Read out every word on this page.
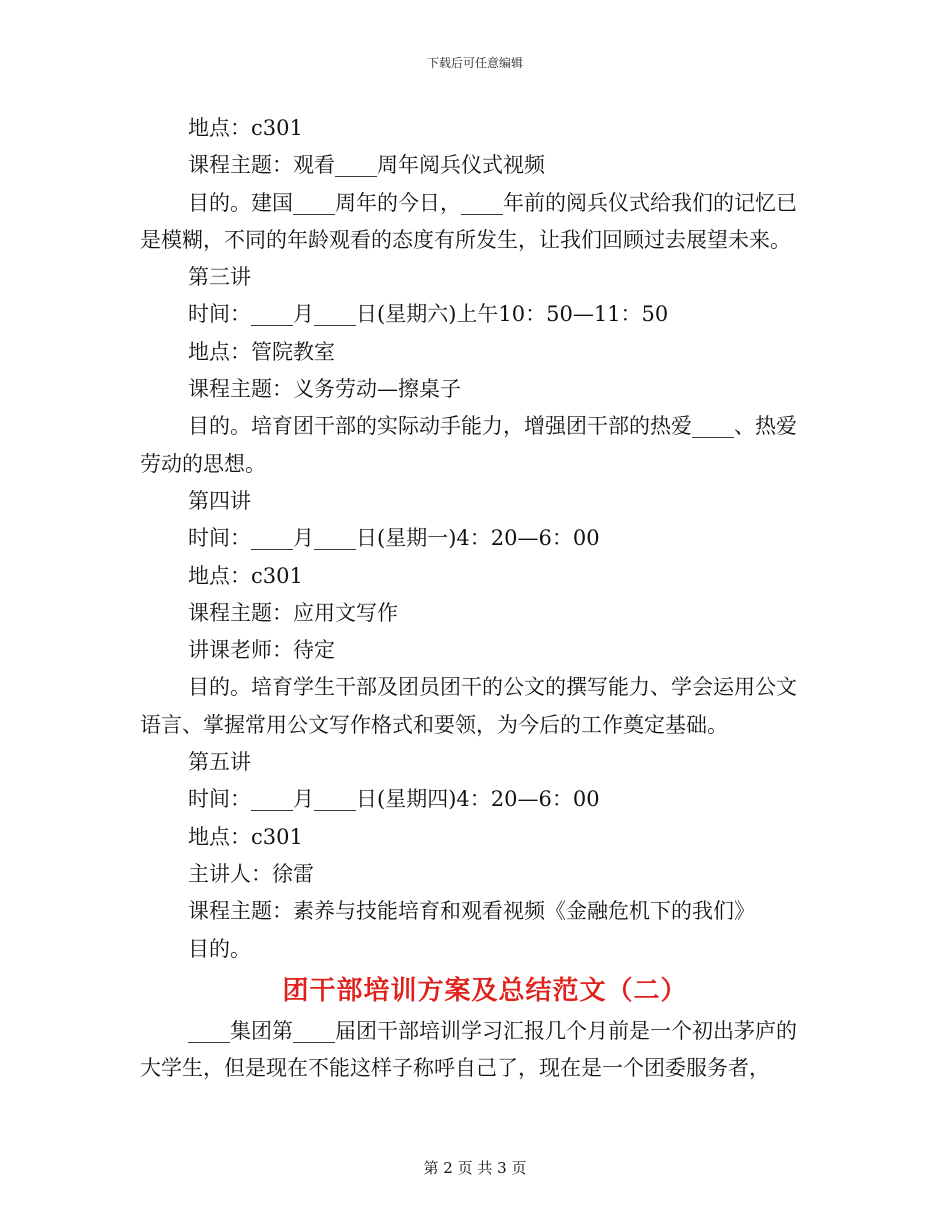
下载后可任意编辑

地点：c301

课程主题：观看____周年阅兵仪式视频

目的。建国____周年的今日，____年前的阅兵仪式给我们的记忆已是模糊，不同的年龄观看的态度有所发生，让我们回顾过去展望未来。

第三讲

时间：____月____日(星期六)上午10：50—11：50

地点：管院教室

课程主题：义务劳动—擦桌子

目的。培育团干部的实际动手能力，增强团干部的热爱____、热爱劳动的思想。

第四讲

时间：____月____日(星期一)4：20—6：00

地点：c301

课程主题：应用文写作

讲课老师：待定

目的。培育学生干部及团员团干的公文的撰写能力、学会运用公文语言、掌握常用公文写作格式和要领，为今后的工作奠定基础。

第五讲

时间：____月____日(星期四)4：20—6：00

地点：c301

主讲人：徐雷

课程主题：素养与技能培育和观看视频《金融危机下的我们》

目的。

团干部培训方案及总结范文（二）

____集团第____届团干部培训学习汇报几个月前是一个初出茅庐的大学生，但是现在不能这样子称呼自己了，现在是一个团委服务者，

第 2 页 共 3 页
